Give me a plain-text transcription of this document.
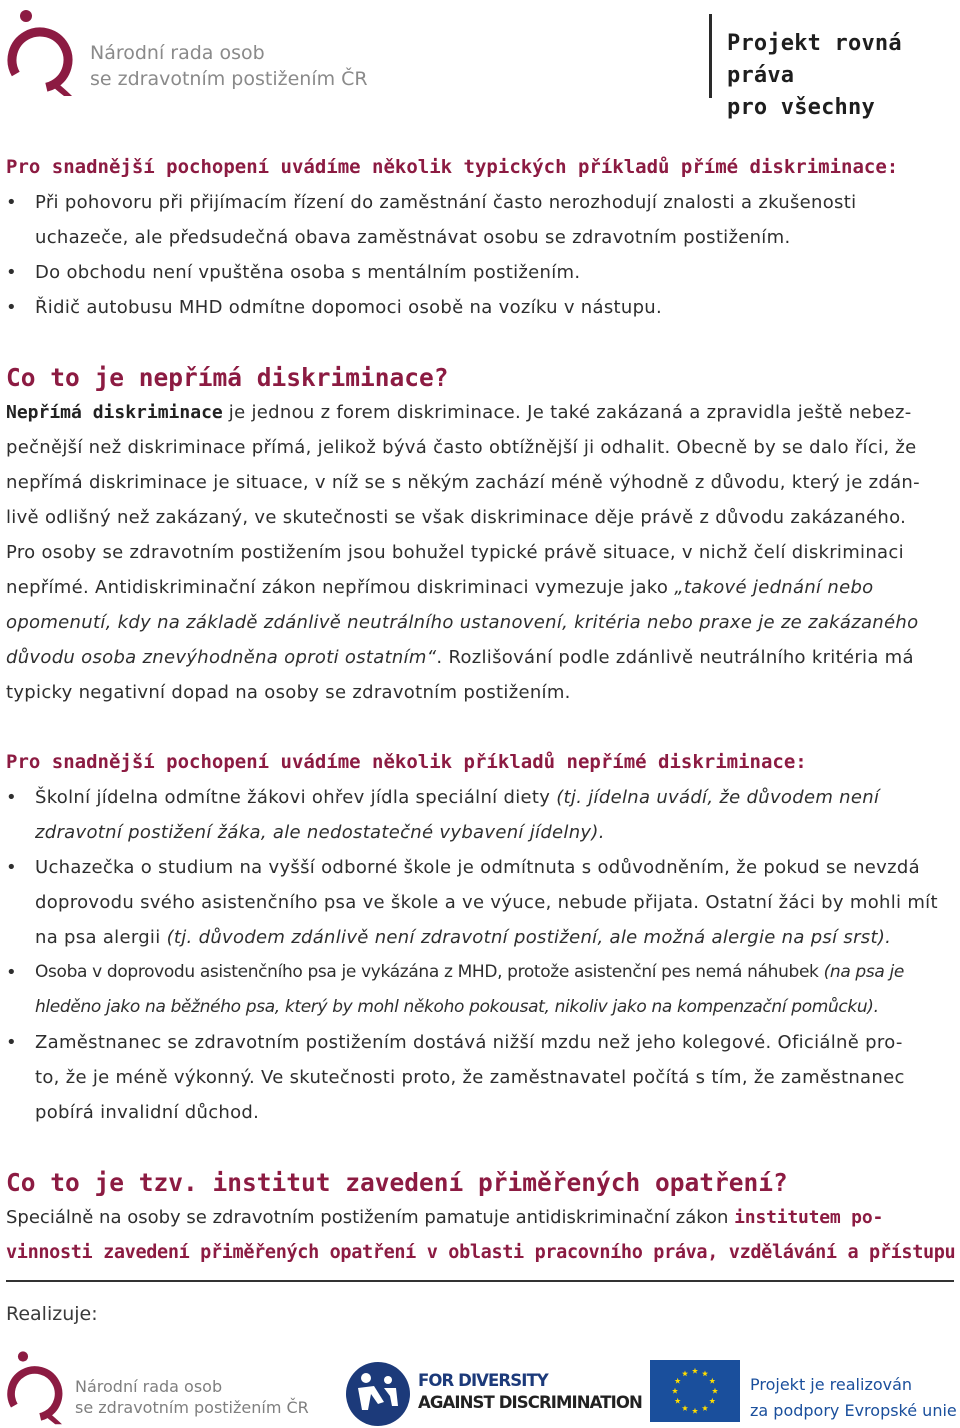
Národní rada osob
se zdravotním postižením ČR
Projekt rovná práva
pro všechny
Pro snadnější pochopení uvádíme několik typických příkladů přímé diskriminace:
• Při pohovoru při přijímacím řízení do zaměstnání často nerozhodují znalosti a zkušenosti
uchazeče, ale předsudečná obava zaměstnávat osobu se zdravotním postižením.
• Do obchodu není vpuštěna osoba s mentálním postižením.
• Řidič autobusu MHD odmítne dopomoci osobě na vozíku v nástupu.
Co to je nepřímá diskriminace?
Nepřímá diskriminace je jednou z forem diskriminace. Je také zakázaná a zpravidla ještě nebez-
pečnější než diskriminace přímá, jelikož bývá často obtížnější ji odhalit. Obecně by se dalo říci, že
nepřímá diskriminace je situace, v níž se s někým zachází méně výhodně z důvodu, který je zdán-
livě odlišný než zakázaný, ve skutečnosti se však diskriminace děje právě z důvodu zakázaného.
Pro osoby se zdravotním postižením jsou bohužel typické právě situace, v nichž čelí diskriminaci
nepřímé. Antidiskriminační zákon nepřímou diskriminaci vymezuje jako „takové jednání nebo
opomenutí, kdy na základě zdánlivě neutrálního ustanovení, kritéria nebo praxe je ze zakázaného
důvodu osoba znevýhodněna oproti ostatním“. Rozlišování podle zdánlivě neutrálního kritéria má
typicky negativní dopad na osoby se zdravotním postižením.
Pro snadnější pochopení uvádíme několik příkladů nepřímé diskriminace:
• Školní jídelna odmítne žákovi ohřev jídla speciální diety (tj. jídelna uvádí, že důvodem není
zdravotní postižení žáka, ale nedostatečné vybavení jídelny).
• Uchazečka o studium na vyšší odborné škole je odmítnuta s odůvodněním, že pokud se nevzdá
doprovodu svého asistenčního psa ve škole a ve výuce, nebude přijata. Ostatní žáci by mohli mít
na psa alergii (tj. důvodem zdánlivě není zdravotní postižení, ale možná alergie na psí srst).
• Osoba v doprovodu asistenčního psa je vykázána z MHD, protože asistenční pes nemá náhubek (na psa je
hleděno jako na běžného psa, který by mohl někoho pokousat, nikoliv jako na kompenzační pomůcku).
• Zaměstnanec se zdravotním postižením dostává nižší mzdu než jeho kolegové. Oficiálně pro-
to, že je méně výkonný. Ve skutečnosti proto, že zaměstnavatel počítá s tím, že zaměstnanec
pobírá invalidní důchod.
Co to je tzv. institut zavedení přiměřených opatření?
Speciálně na osoby se zdravotním postižením pamatuje antidiskriminační zákon institutem po-
vinnosti zavedení přiměřených opatření v oblasti pracovního práva, vzdělávání a přístupu
Realizuje:
Národní rada osob
se zdravotním postižením ČR
FOR DIVERSITY
AGAINST DISCRIMINATION
Projekt je realizován
za podpory Evropské unie
